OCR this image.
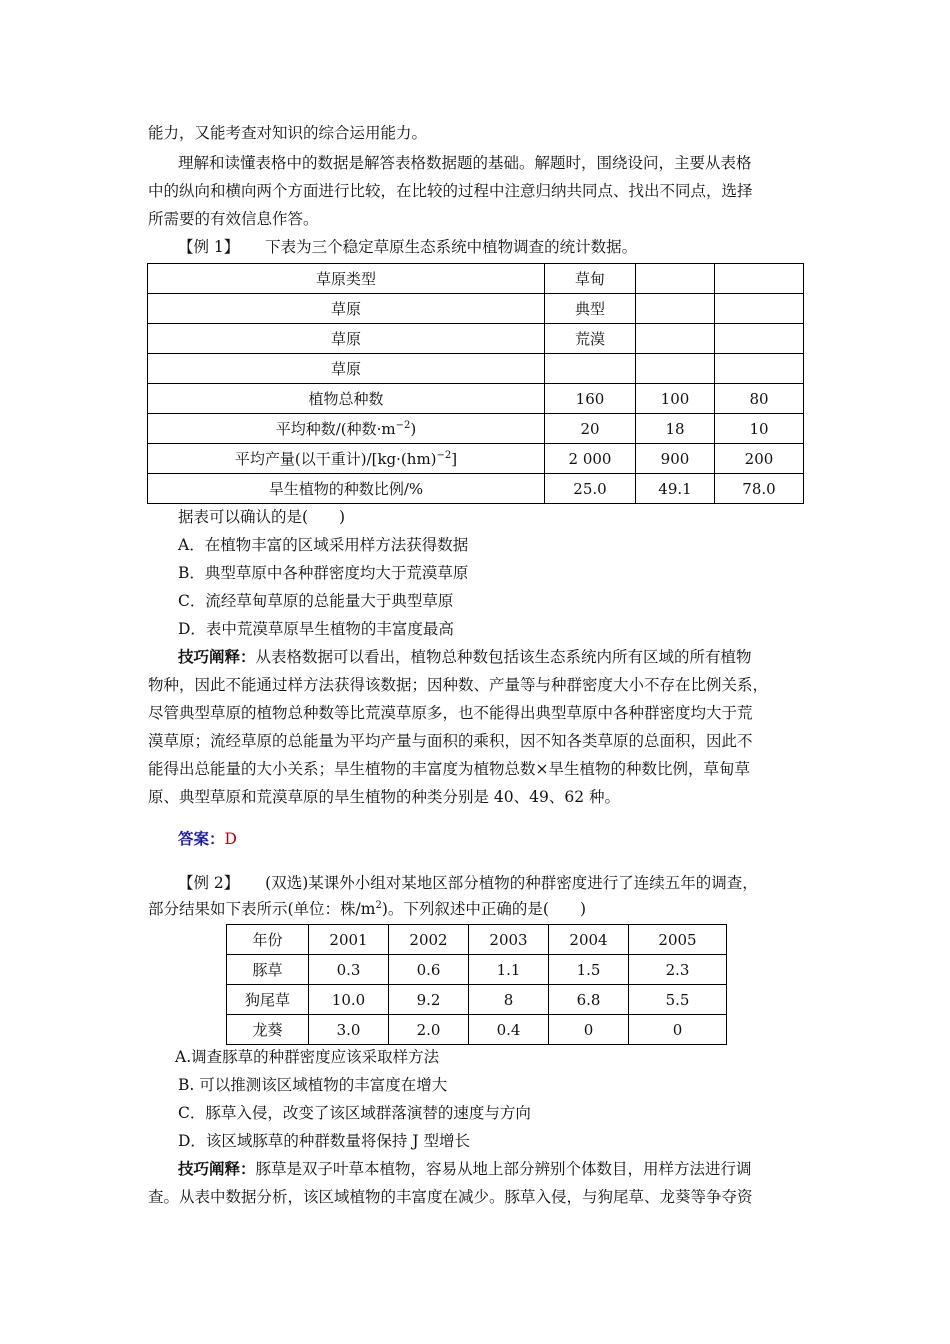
能力，又能考查对知识的综合运用能力。
理解和读懂表格中的数据是解答表格数据题的基础。解题时，围绕设问，主要从表格
中的纵向和横向两个方面进行比较，在比较的过程中注意归纳共同点、找出不同点，选择
所需要的有效信息作答。
【例 1】 下表为三个稳定草原生态系统中植物调查的统计数据。
草原类型	草甸		
草原	典型		
草原	荒漠		
草原			
植物总种数	160	100	80
平均种数/(种数$\cdot m^{-2}$)	20	18	10
平均产量(以干重计)/[kg·(hm)$^{-2}$]	2 000	900	200
旱生植物的种数比例/%	25.0	49.1	78.0
据表可以确认的是(　　)
A．在植物丰富的区域采用样方法获得数据
B．典型草原中各种群密度均大于荒漠草原
C．流经草甸草原的总能量大于典型草原
D．表中荒漠草原旱生植物的丰富度最高
技巧阐释：从表格数据可以看出，植物总种数包括该生态系统内所有区域的所有植物
物种，因此不能通过样方法获得该数据；因种数、产量等与种群密度大小不存在比例关系，
尽管典型草原的植物总种数等比荒漠草原多，也不能得出典型草原中各种群密度均大于荒
漠草原；流经草原的总能量为平均产量与面积的乘积，因不知各类草原的总面积，因此不
能得出总能量的大小关系；旱生植物的丰富度为植物总数×旱生植物的种数比例，草甸草
原、典型草原和荒漠草原的旱生植物的种类分别是 40、49、62 种。
答案：D
【例 2】 (双选)某课外小组对某地区部分植物的种群密度进行了连续五年的调查，
部分结果如下表所示(单位：株$/m^2$)。下列叙述中正确的是(　　)
年份	2001	2002	2003	2004	2005
豚草	0.3	0.6	1.1	1.5	2.3
狗尾草	10.0	9.2	8	6.8	5.5
龙葵	3.0	2.0	0.4	0	0
A.调查豚草的种群密度应该采取样方法
B. 可以推测该区域植物的丰富度在增大
C．豚草入侵，改变了该区域群落演替的速度与方向
D．该区域豚草的种群数量将保持 J 型增长
技巧阐释：豚草是双子叶草本植物，容易从地上部分辨别个体数目，用样方法进行调
查。从表中数据分析，该区域植物的丰富度在减少。豚草入侵，与狗尾草、龙葵等争夺资
